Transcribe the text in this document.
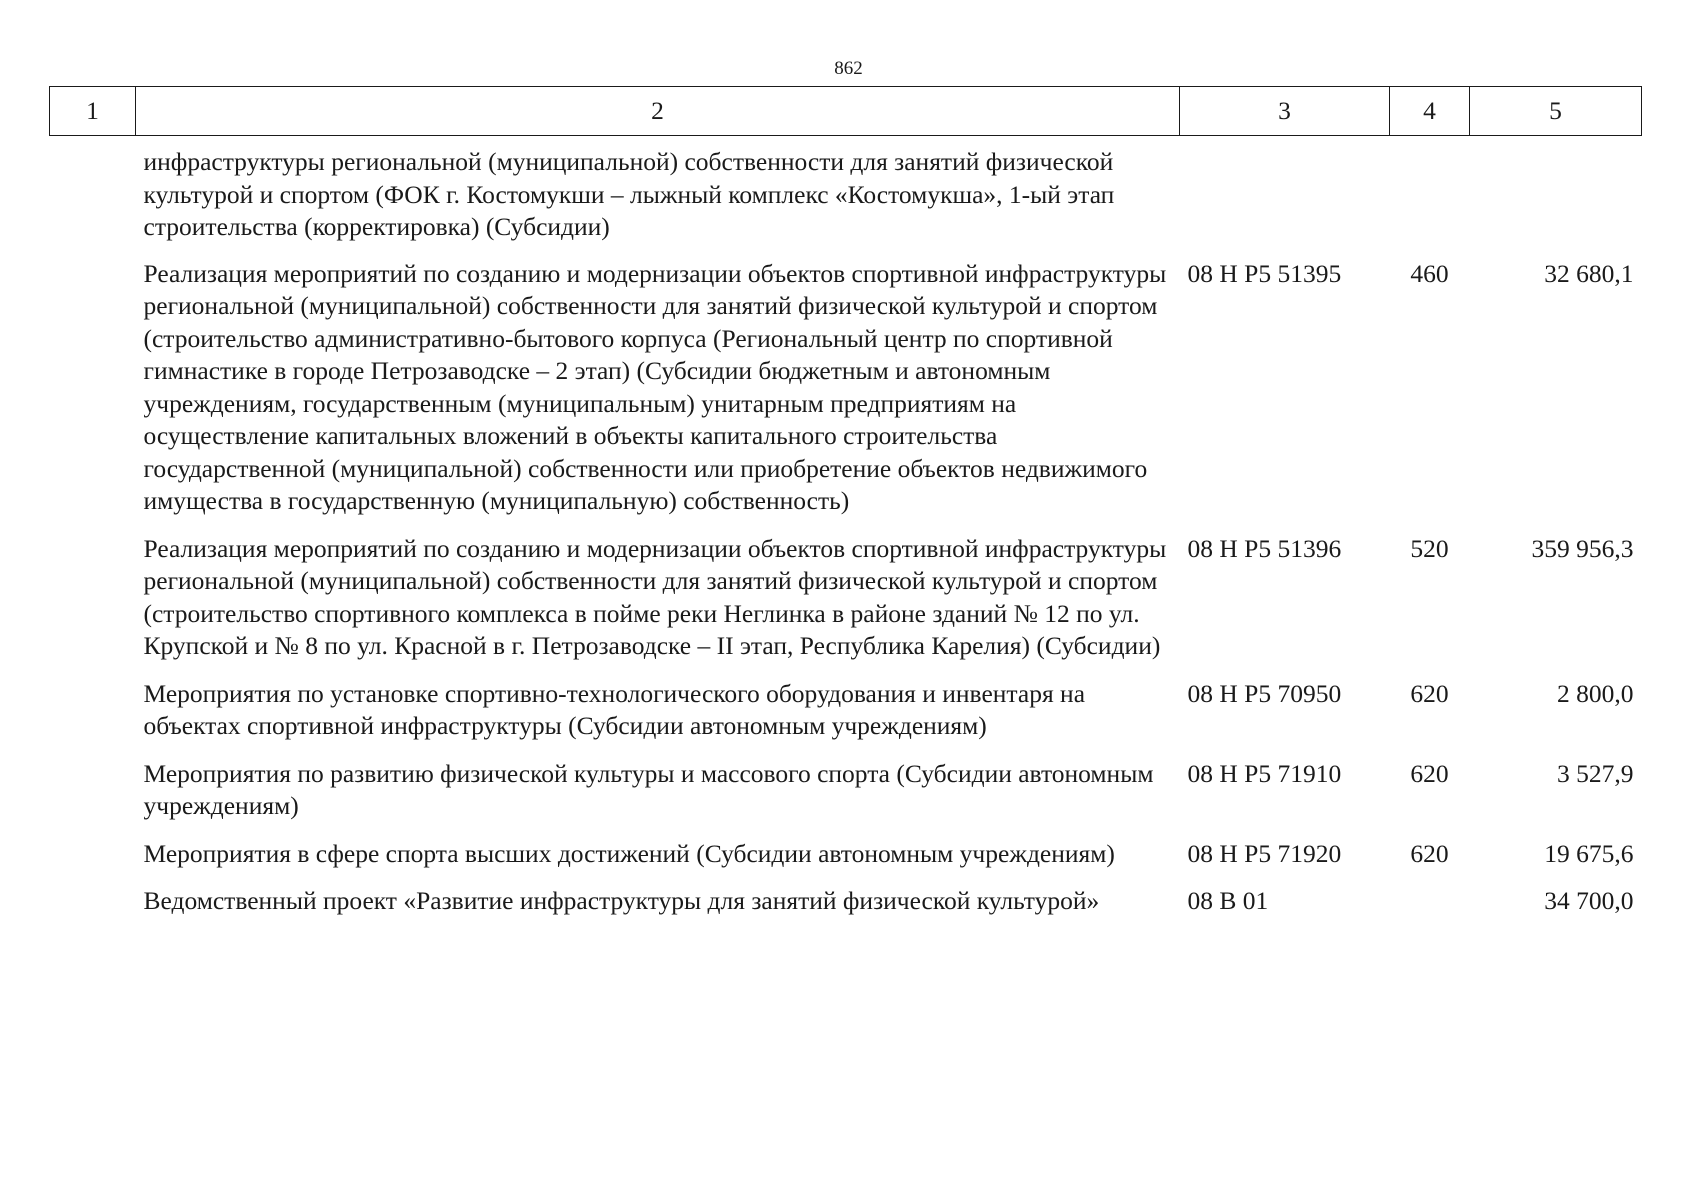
862
1	2	3	4	5
	инфраструктуры региональной (муниципальной) собственности для занятий физической культурой и спортом (ФОК г. Костомукши – лыжный комплекс «Костомукша», 1-ый этап строительства (корректировка) (Субсидии)			
	Реализация мероприятий по созданию и модернизации объектов спортивной инфраструктуры региональной (муниципальной) собственности для занятий физической культурой и спортом (строительство административно-бытового корпуса (Региональный центр по спортивной гимнастике в городе Петрозаводске – 2 этап) (Субсидии бюджетным и автономным учреждениям, государственным (муниципальным) унитарным предприятиям на осуществление капитальных вложений в объекты капитального строительства государственной (муниципальной) собственности или приобретение объектов недвижимого имущества в государственную (муниципальную) собственность)	08 Н Р5 51395	460	32 680,1
	Реализация мероприятий по созданию и модернизации объектов спортивной инфраструктуры региональной (муниципальной) собственности для занятий физической культурой и спортом (строительство спортивного комплекса в пойме реки Неглинка в районе зданий № 12 по ул. Крупской и № 8 по ул. Красной в г. Петрозаводске – II этап, Республика Карелия) (Субсидии)	08 Н Р5 51396	520	359 956,3
	Мероприятия по установке спортивно-технологического оборудования и инвентаря на объектах спортивной инфраструктуры (Субсидии автономным учреждениям)	08 Н Р5 70950	620	2 800,0
	Мероприятия по развитию физической культуры и массового спорта (Субсидии автономным учреждениям)	08 Н Р5 71910	620	3 527,9
	Мероприятия в сфере спорта высших достижений (Субсидии автономным учреждениям)	08 Н Р5 71920	620	19 675,6
	Ведомственный проект «Развитие инфраструктуры для занятий физической культурой»	08 В 01		34 700,0
